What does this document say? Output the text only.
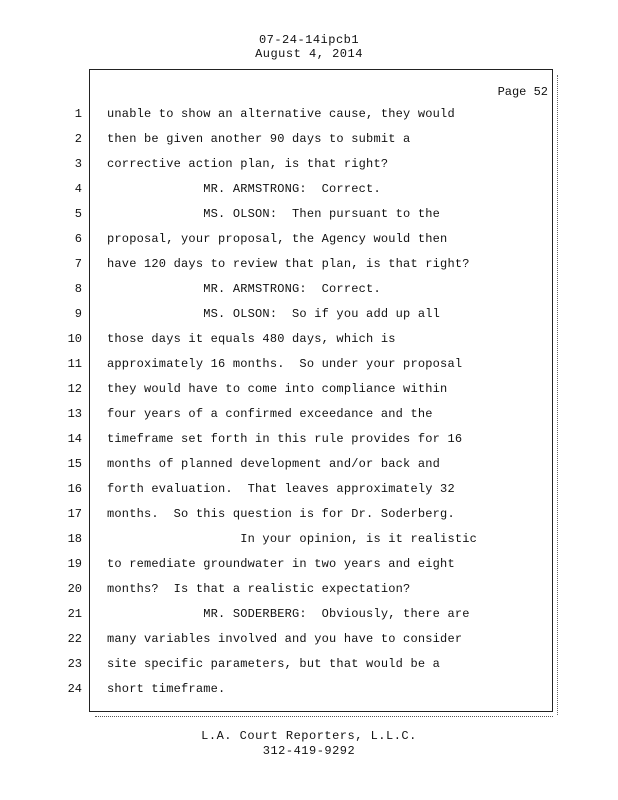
07-24-14ipcb1
August 4, 2014
Page 52
1 unable to show an alternative cause, they would
2 then be given another 90 days to submit a
3 corrective action plan, is that right?
4 MR. ARMSTRONG:  Correct.
5 MS. OLSON:  Then pursuant to the
6 proposal, your proposal, the Agency would then
7 have 120 days to review that plan, is that right?
8 MR. ARMSTRONG:  Correct.
9 MS. OLSON:  So if you add up all
10 those days it equals 480 days, which is
11 approximately 16 months.  So under your proposal
12 they would have to come into compliance within
13 four years of a confirmed exceedance and the
14 timeframe set forth in this rule provides for 16
15 months of planned development and/or back and
16 forth evaluation.  That leaves approximately 32
17 months.  So this question is for Dr. Soderberg.
18 In your opinion, is it realistic
19 to remediate groundwater in two years and eight
20 months?  Is that a realistic expectation?
21 MR. SODERBERG:  Obviously, there are
22 many variables involved and you have to consider
23 site specific parameters, but that would be a
24 short timeframe.
L.A. Court Reporters, L.L.C.
312-419-9292
